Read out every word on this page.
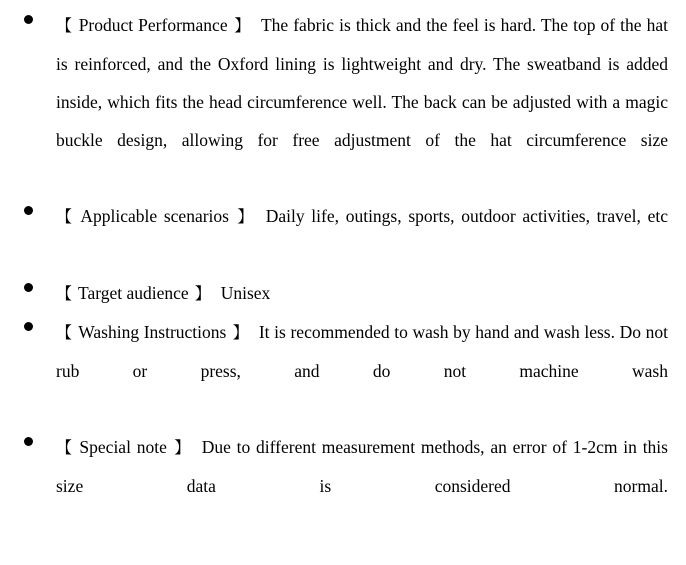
【 Product Performance 】 The fabric is thick and the feel is hard. The top of the hat is reinforced, and the Oxford lining is lightweight and dry. The sweatband is added inside, which fits the head circumference well. The back can be adjusted with a magic buckle design, allowing for free adjustment of the hat circumference size

【 Applicable scenarios 】 Daily life, outings, sports, outdoor activities, travel, etc

【 Target audience 】 Unisex

【 Washing Instructions 】 It is recommended to wash by hand and wash less. Do not rub or press, and do not machine wash

【 Special note 】 Due to different measurement methods, an error of 1-2cm in this size data is considered normal.
